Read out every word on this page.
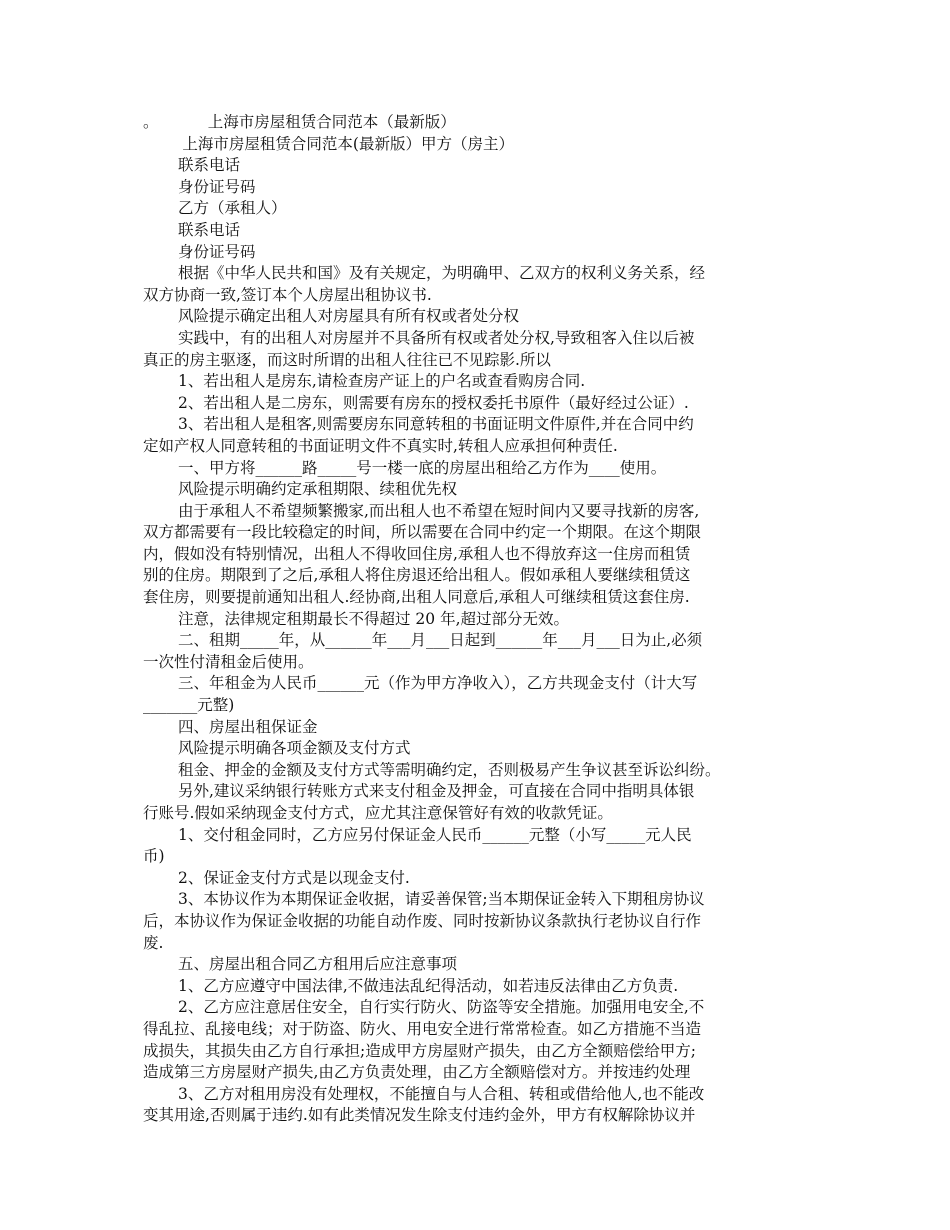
。          上海市房屋租赁合同范本（最新版）
上海市房屋租赁合同范本(最新版）甲方（房主）
联系电话
身份证号码
乙方（承租人）
联系电话
身份证号码
根据《中华人民共和国》及有关规定，为明确甲、乙双方的权利义务关系，经
双方协商一致,签订本个人房屋出租协议书.
风险提示确定出租人对房屋具有所有权或者处分权
实践中，有的出租人对房屋并不具备所有权或者处分权,导致租客入住以后被
真正的房主驱逐，而这时所谓的出租人往往已不见踪影.所以
1、若出租人是房东,请检查房产证上的户名或查看购房合同.
2、若出租人是二房东，则需要有房东的授权委托书原件（最好经过公证）.
3、若出租人是租客,则需要房东同意转租的书面证明文件原件,并在合同中约
定如产权人同意转租的书面证明文件不真实时,转租人应承担何种责任.
一、甲方将______路_____号一楼一底的房屋出租给乙方作为____使用。
风险提示明确约定承租期限、续租优先权
由于承租人不希望频繁搬家,而出租人也不希望在短时间内又要寻找新的房客,
双方都需要有一段比较稳定的时间，所以需要在合同中约定一个期限。在这个期限
内，假如没有特别情况，出租人不得收回住房,承租人也不得放弃这一住房而租赁
别的住房。期限到了之后,承租人将住房退还给出租人。假如承租人要继续租赁这
套住房，则要提前通知出租人.经协商,出租人同意后,承租人可继续租赁这套住房.
注意，法律规定租期最长不得超过 20 年,超过部分无效。
二、租期_____年，从______年___月___日起到______年___月___日为止,必须
一次性付清租金后使用。
三、年租金为人民币______元（作为甲方净收入），乙方共现金支付（计大写
_______元整)
四、房屋出租保证金
风险提示明确各项金额及支付方式
租金、押金的金额及支付方式等需明确约定，否则极易产生争议甚至诉讼纠纷。
另外,建议采纳银行转账方式来支付租金及押金，可直接在合同中指明具体银
行账号.假如采纳现金支付方式，应尤其注意保管好有效的收款凭证。
1、交付租金同时，乙方应另付保证金人民币______元整（小写_____元人民
币)
2、保证金支付方式是以现金支付.
3、本协议作为本期保证金收据，请妥善保管;当本期保证金转入下期租房协议
后，本协议作为保证金收据的功能自动作废、同时按新协议条款执行老协议自行作
废.
五、房屋出租合同乙方租用后应注意事项
1、乙方应遵守中国法律,不做违法乱纪得活动，如若违反法律由乙方负责.
2、乙方应注意居住安全，自行实行防火、防盗等安全措施。加强用电安全,不
得乱拉、乱接电线；对于防盗、防火、用电安全进行常常检查。如乙方措施不当造
成损失，其损失由乙方自行承担;造成甲方房屋财产损失，由乙方全额赔偿给甲方;
造成第三方房屋财产损失,由乙方负责处理，由乙方全额赔偿对方。并按违约处理
3、乙方对租用房没有处理权，不能擅自与人合租、转租或借给他人,也不能改
变其用途,否则属于违约.如有此类情况发生除支付违约金外，甲方有权解除协议并
